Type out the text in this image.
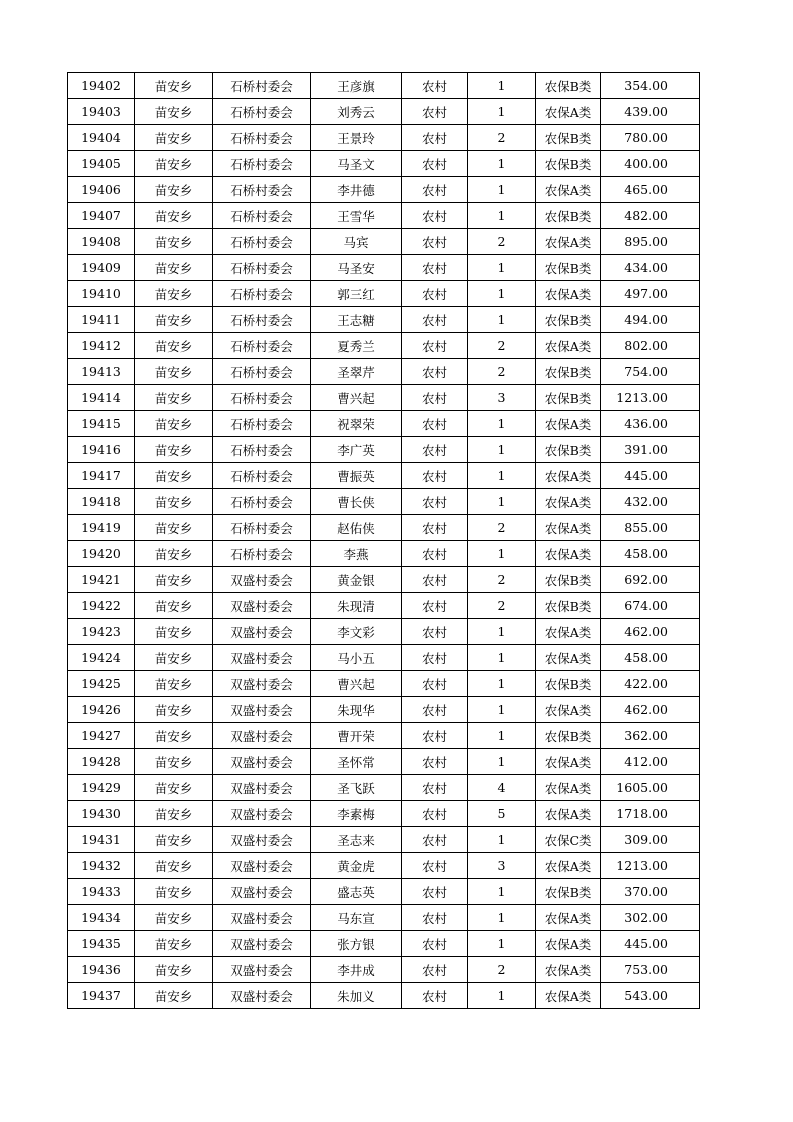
19402	苗安乡	石桥村委会	王彦旗	农村	1	农保B类	354.00
19403	苗安乡	石桥村委会	刘秀云	农村	1	农保A类	439.00
19404	苗安乡	石桥村委会	王景玲	农村	2	农保B类	780.00
19405	苗安乡	石桥村委会	马圣文	农村	1	农保B类	400.00
19406	苗安乡	石桥村委会	李井德	农村	1	农保A类	465.00
19407	苗安乡	石桥村委会	王雪华	农村	1	农保B类	482.00
19408	苗安乡	石桥村委会	马宾	农村	2	农保A类	895.00
19409	苗安乡	石桥村委会	马圣安	农村	1	农保B类	434.00
19410	苗安乡	石桥村委会	郭三红	农村	1	农保A类	497.00
19411	苗安乡	石桥村委会	王志糖	农村	1	农保B类	494.00
19412	苗安乡	石桥村委会	夏秀兰	农村	2	农保A类	802.00
19413	苗安乡	石桥村委会	圣翠芹	农村	2	农保B类	754.00
19414	苗安乡	石桥村委会	曹兴起	农村	3	农保B类	1213.00
19415	苗安乡	石桥村委会	祝翠荣	农村	1	农保A类	436.00
19416	苗安乡	石桥村委会	李广英	农村	1	农保B类	391.00
19417	苗安乡	石桥村委会	曹振英	农村	1	农保A类	445.00
19418	苗安乡	石桥村委会	曹长侠	农村	1	农保A类	432.00
19419	苗安乡	石桥村委会	赵佑侠	农村	2	农保A类	855.00
19420	苗安乡	石桥村委会	李燕	农村	1	农保A类	458.00
19421	苗安乡	双盛村委会	黄金银	农村	2	农保B类	692.00
19422	苗安乡	双盛村委会	朱现清	农村	2	农保B类	674.00
19423	苗安乡	双盛村委会	李文彩	农村	1	农保A类	462.00
19424	苗安乡	双盛村委会	马小五	农村	1	农保A类	458.00
19425	苗安乡	双盛村委会	曹兴起	农村	1	农保B类	422.00
19426	苗安乡	双盛村委会	朱现华	农村	1	农保A类	462.00
19427	苗安乡	双盛村委会	曹开荣	农村	1	农保B类	362.00
19428	苗安乡	双盛村委会	圣怀常	农村	1	农保A类	412.00
19429	苗安乡	双盛村委会	圣飞跃	农村	4	农保A类	1605.00
19430	苗安乡	双盛村委会	李素梅	农村	5	农保A类	1718.00
19431	苗安乡	双盛村委会	圣志来	农村	1	农保C类	309.00
19432	苗安乡	双盛村委会	黄金虎	农村	3	农保A类	1213.00
19433	苗安乡	双盛村委会	盛志英	农村	1	农保B类	370.00
19434	苗安乡	双盛村委会	马东宣	农村	1	农保A类	302.00
19435	苗安乡	双盛村委会	张方银	农村	1	农保A类	445.00
19436	苗安乡	双盛村委会	李井成	农村	2	农保A类	753.00
19437	苗安乡	双盛村委会	朱加义	农村	1	农保A类	543.00
